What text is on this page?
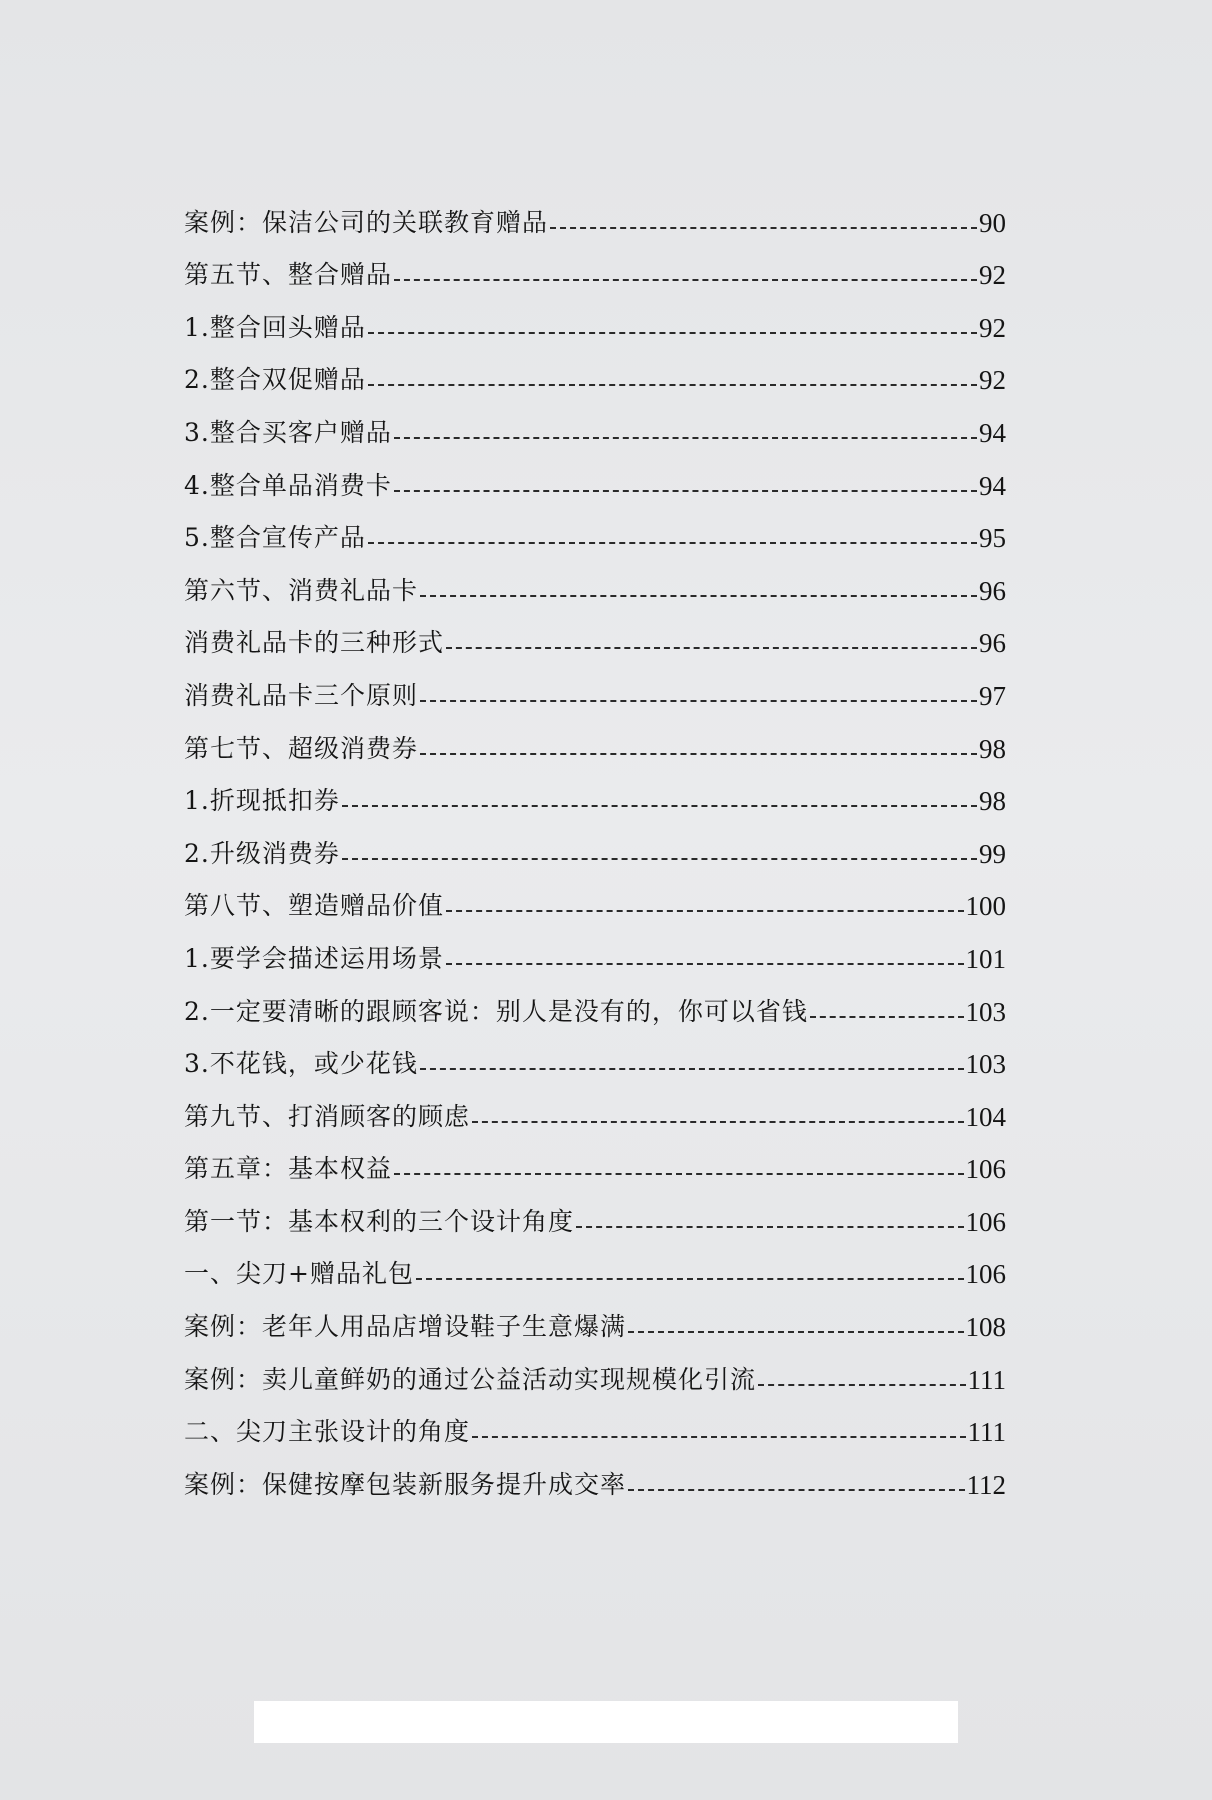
案例：保洁公司的关联教育赠品	90
第五节、整合赠品	92
1.整合回头赠品	92
2.整合双促赠品	92
3.整合买客户赠品	94
4.整合单品消费卡	94
5.整合宣传产品	95
第六节、消费礼品卡	96
消费礼品卡的三种形式	96
消费礼品卡三个原则	97
第七节、超级消费券	98
1.折现抵扣券	98
2.升级消费券	99
第八节、塑造赠品价值	100
1.要学会描述运用场景	101
2.一定要清晰的跟顾客说：别人是没有的，你可以省钱	103
3.不花钱，或少花钱	103
第九节、打消顾客的顾虑	104
第五章：基本权益	106
第一节：基本权利的三个设计角度	106
一、尖刀+赠品礼包	106
案例：老年人用品店增设鞋子生意爆满	108
案例：卖儿童鲜奶的通过公益活动实现规模化引流	111
二、尖刀主张设计的角度	111
案例：保健按摩包装新服务提升成交率	112
